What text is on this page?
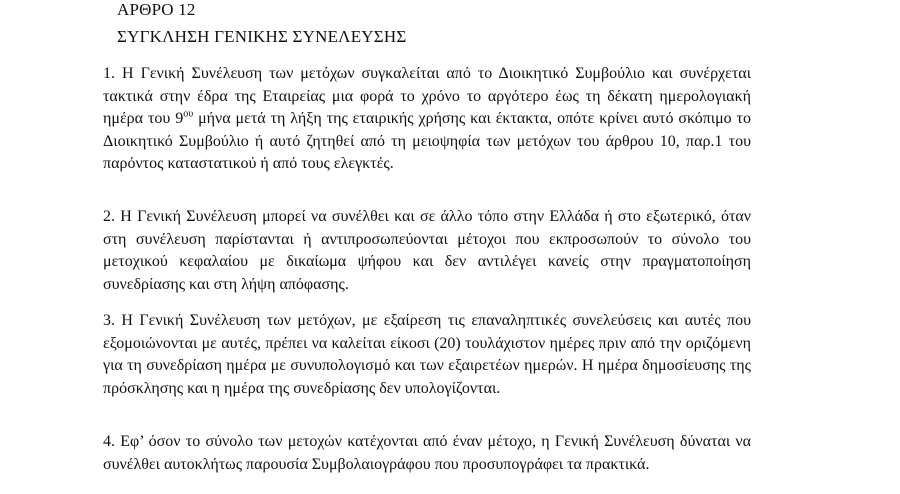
ΑΡΘΡΟ 12
ΣΥΓΚΛΗΣΗ ΓΕΝΙΚΗΣ ΣΥΝΕΛΕΥΣΗΣ
1. Η Γενική Συνέλευση των μετόχων συγκαλείται από το Διοικητικό Συμβούλιο και συνέρχεται τακτικά στην έδρα της Εταιρείας μια φορά το χρόνο το αργότερο έως τη δέκατη ημερολογιακή ημέρα του $9^{o\upsilon}$ μήνα μετά τη λήξη της εταιρικής χρήσης και έκτακτα, οπότε κρίνει αυτό σκόπιμο το Διοικητικό Συμβούλιο ή αυτό ζητηθεί από τη μειοψηφία των μετόχων του άρθρου 10, παρ.1 του παρόντος καταστατικού ή από τους ελεγκτές.
2. Η Γενική Συνέλευση μπορεί να συνέλθει και σε άλλο τόπο στην Ελλάδα ή στο εξωτερικό, όταν στη συνέλευση παρίστανται ή αντιπροσωπεύονται μέτοχοι που εκπροσωπούν το σύνολο του μετοχικού κεφαλαίου με δικαίωμα ψήφου και δεν αντιλέγει κανείς στην πραγματοποίηση συνεδρίασης και στη λήψη απόφασης.
3. Η Γενική Συνέλευση των μετόχων, με εξαίρεση τις επαναληπτικές συνελεύσεις και αυτές που εξομοιώνονται με αυτές, πρέπει να καλείται είκοσι (20) τουλάχιστον ημέρες πριν από την οριζόμενη για τη συνεδρίαση ημέρα με συνυπολογισμό και των εξαιρετέων ημερών. Η ημέρα δημοσίευσης της πρόσκλησης και η ημέρα της συνεδρίασης δεν υπολογίζονται.
4. Εφ’ όσον το σύνολο των μετοχών κατέχονται από έναν μέτοχο, η Γενική Συνέλευση δύναται να συνέλθει αυτοκλήτως παρουσία Συμβολαιογράφου που προσυπογράφει τα πρακτικά.
